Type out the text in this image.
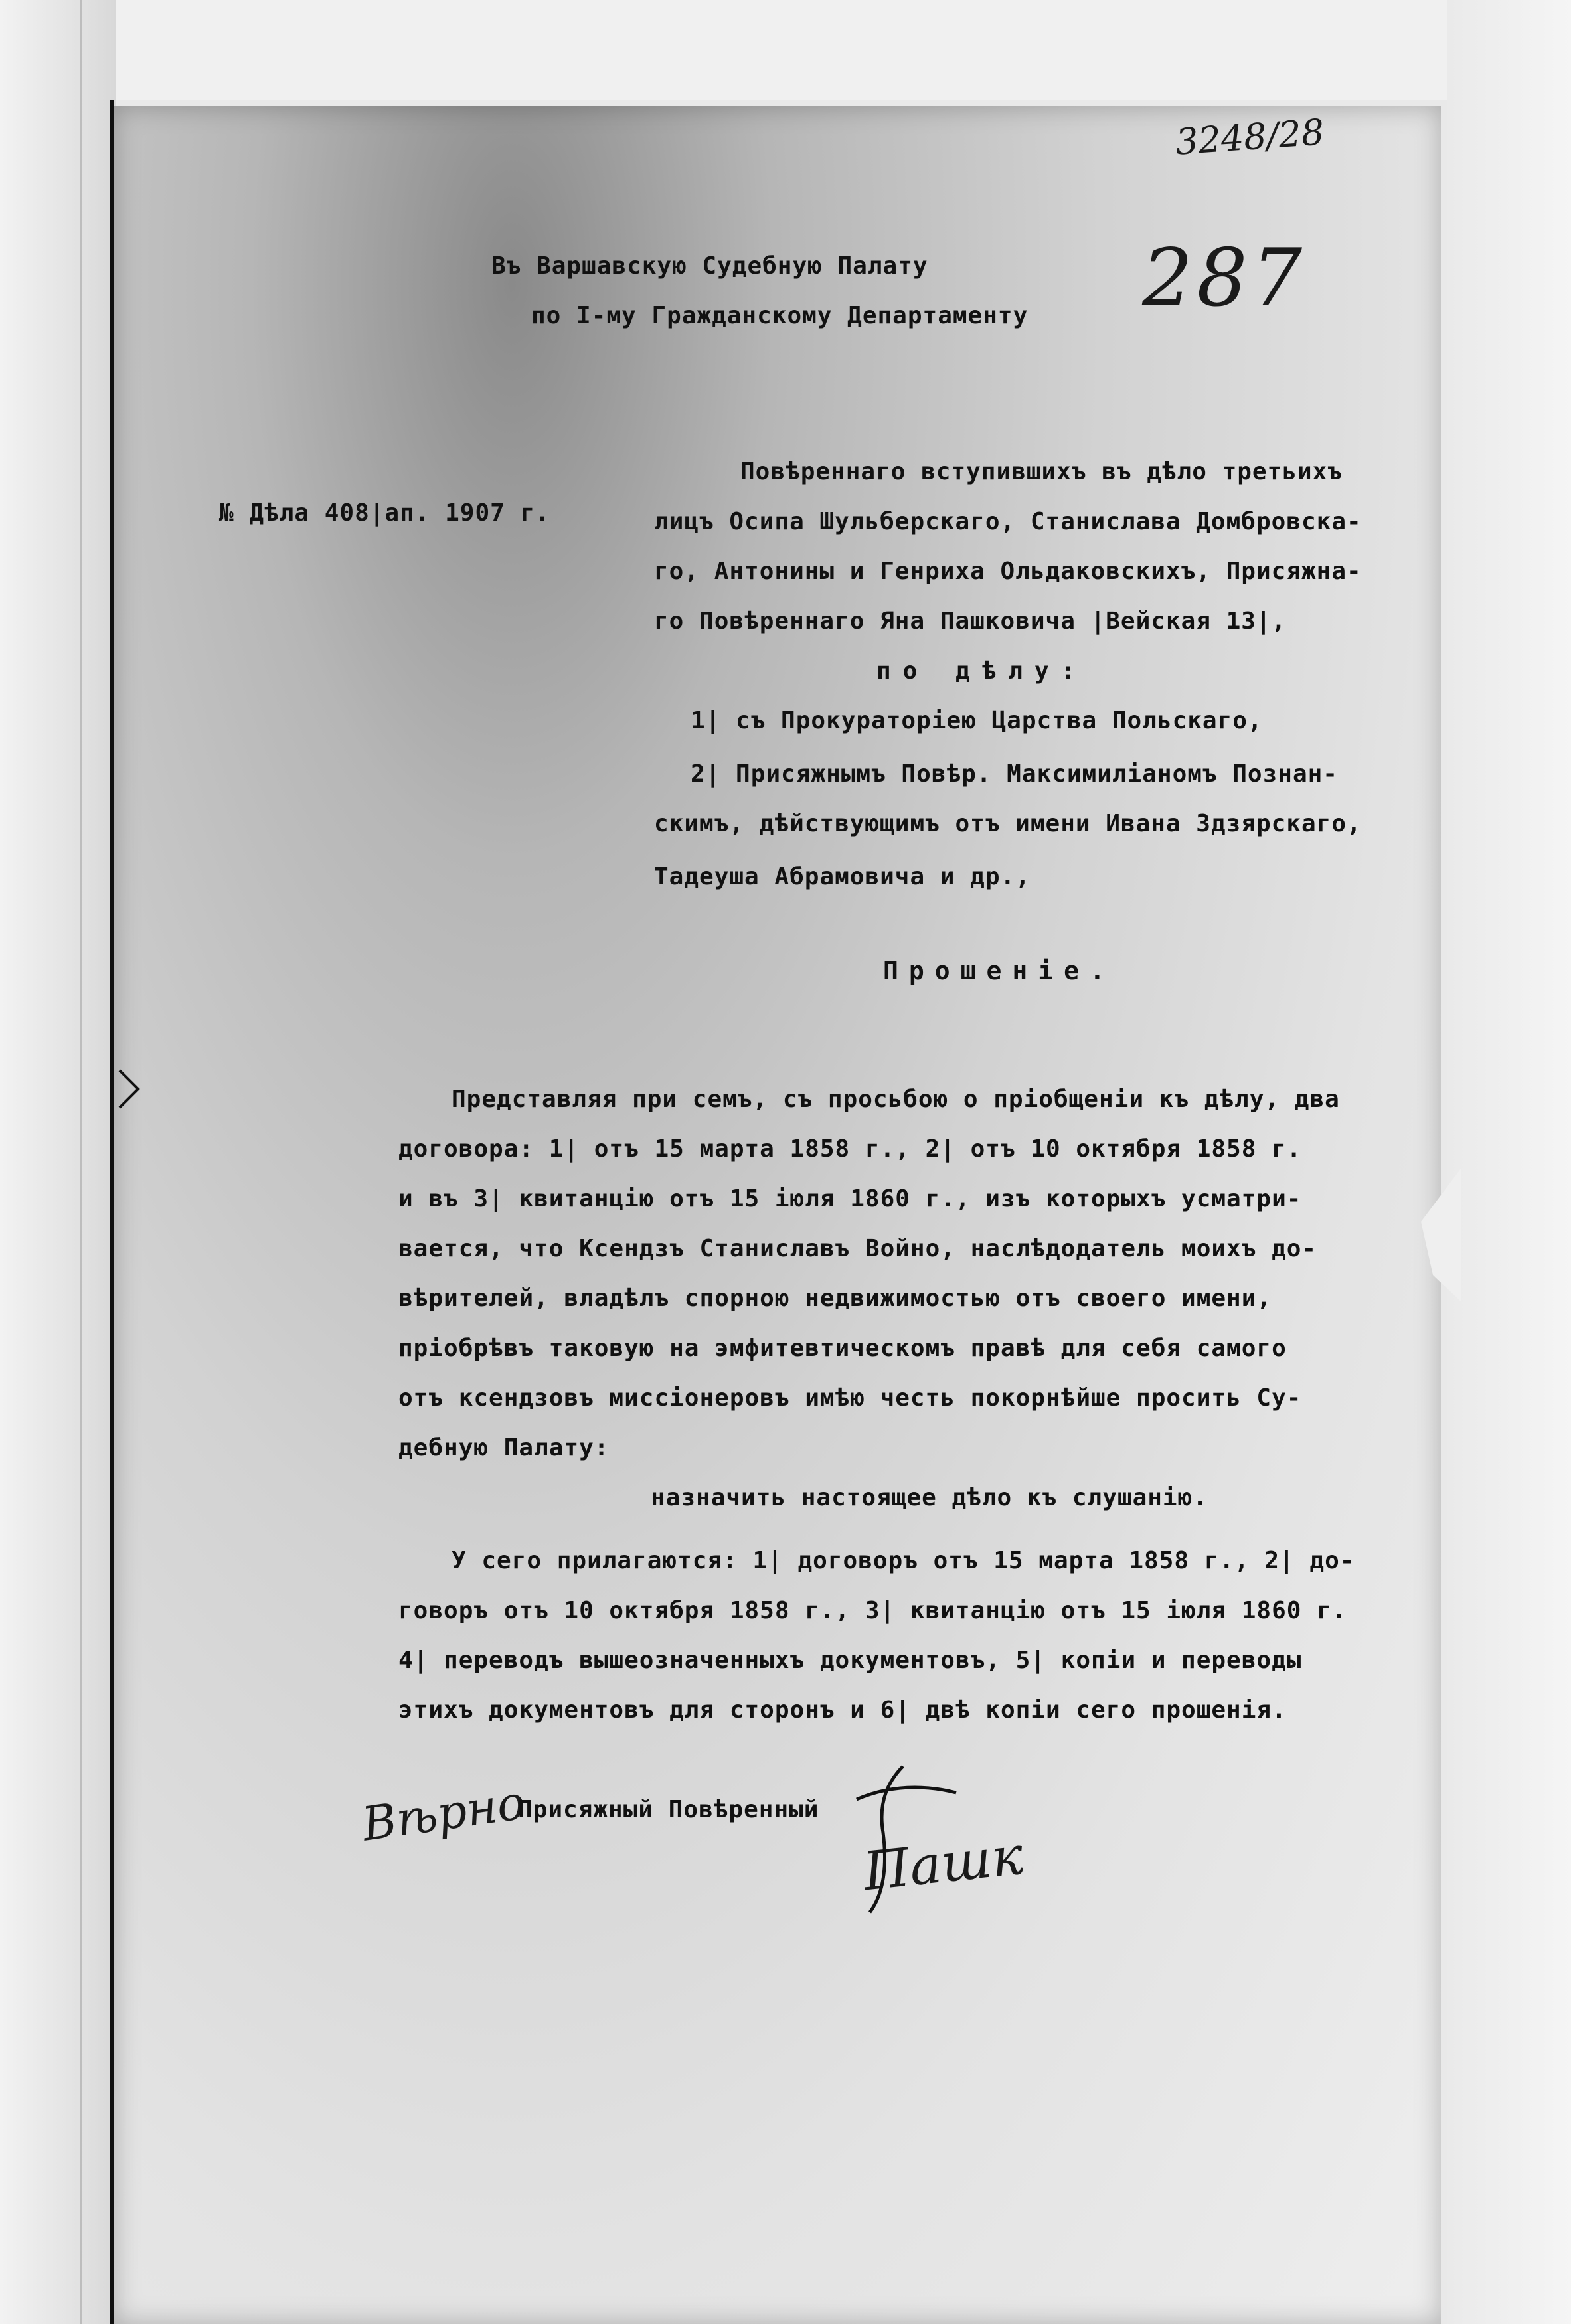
3248/28
287
Въ Варшавскую Судебную Палату
по I-му Гражданскому Департаменту
№ Дѣла 408|ап. 1907 г.
Повѣреннаго вступившихъ въ дѣло третьихъ
лицъ Осипа Шульберскаго, Станислава Домбровска-
го, Антонины и Генриха Ольдаковскихъ, Присяжна-
го Повѣреннаго Яна Пашковича |Вейская 13|,
по дѣлу:
1| съ Прокураторіею Царства Польскаго,
2| Присяжнымъ Повѣр. Максимиліаномъ Познан-
скимъ, дѣйствующимъ отъ имени Ивана Здзярскаго,
Тадеуша Абрамовича и др.,
Прошеніе.
Представляя при семъ, съ просьбою о пріобщеніи къ дѣлу, два
договора: 1| отъ 15 марта 1858 г., 2| отъ 10 октября 1858 г.
и въ 3| квитанцію отъ 15 іюля 1860 г., изъ которыхъ усматри-
вается, что Ксендзъ Станиславъ Войно, наслѣдодатель моихъ до-
вѣрителей, владѣлъ спорною недвижимостью отъ своего имени,
пріобрѣвъ таковую на эмфитевтическомъ правѣ для себя самого
отъ ксендзовъ миссіонеровъ имѣю честь покорнѣйше просить Су-
дебную Палату:
назначить настоящее дѣло къ слушанію.
У сего прилагаются: 1| договоръ отъ 15 марта 1858 г., 2| до-
говоръ отъ 10 октября 1858 г., 3| квитанцію отъ 15 іюля 1860 г.
4| переводъ вышеозначенныхъ документовъ, 5| копіи и переводы
этихъ документовъ для сторонъ и 6| двѣ копіи сего прошенія.
Вѣрно
Присяжный Повѣренный
Пашк
